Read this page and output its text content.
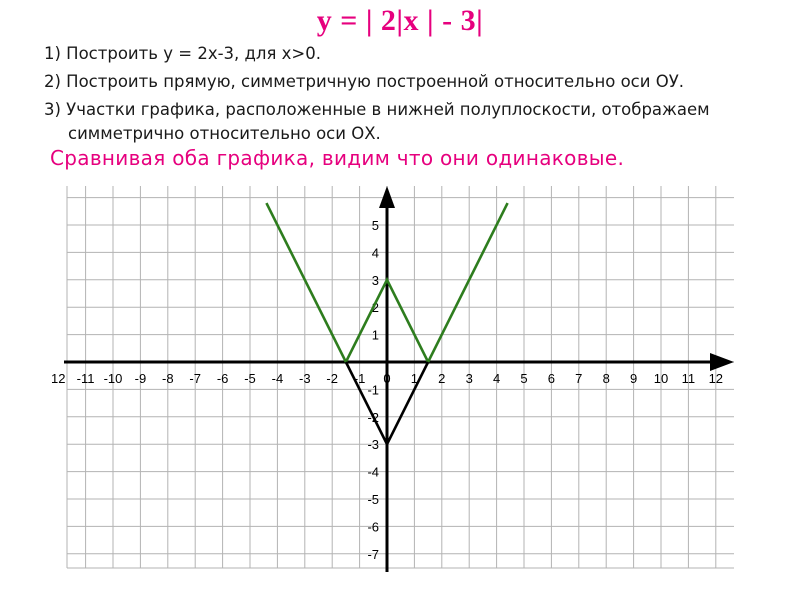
y = | 2|x | - 3|
1) Построить y = 2x-3, для x>0.
2) Построить прямую, симметричную построенной относительно оси ОУ.
3) Участки графика, расположенные в нижней полуплоскости, отображаем симметрично относительно оси ОХ.
Сравнивая оба графика, видим что они одинаковые.
12 -11 -10 -9 -8 -7 -6 -5 -4 -3 -2 -1 0 1 2 3 4 5 6 7 8 9 10 11 12
5
4
3
2
1
-1
-2
-3
-4
-5
-6
-7
